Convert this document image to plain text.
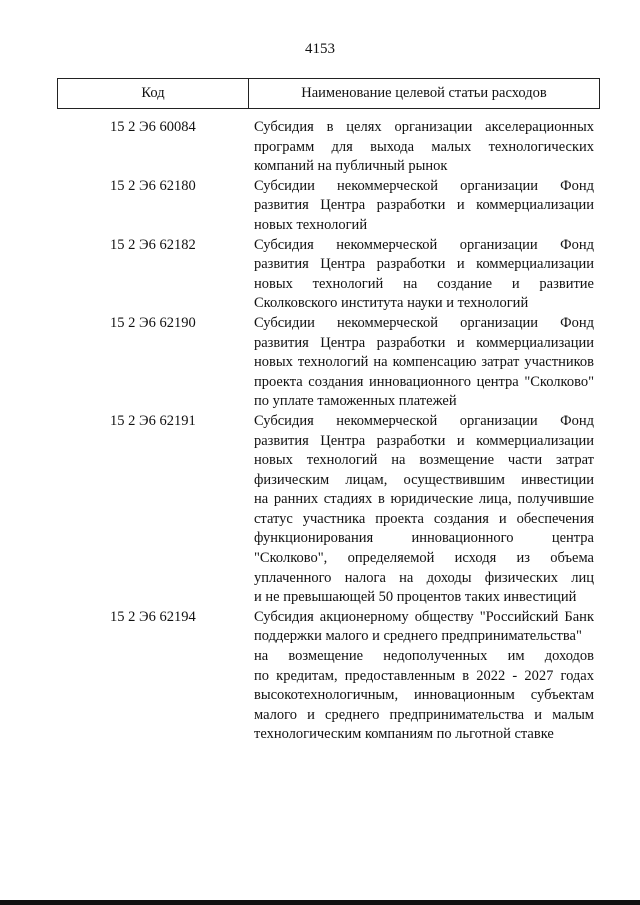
4153
Код	Наименование целевой статьи расходов
15 2 Э6 60084	Субсидия в целях организации акселерационных
программ для выхода малых технологических
компаний на публичный рынок
15 2 Э6 62180	Субсидии некоммерческой организации Фонд
развития Центра разработки и коммерциализации
новых технологий
15 2 Э6 62182	Субсидия некоммерческой организации Фонд
развития Центра разработки и коммерциализации
новых технологий на создание и развитие
Сколковского института науки и технологий
15 2 Э6 62190	Субсидии некоммерческой организации Фонд
развития Центра разработки и коммерциализации
новых технологий на компенсацию затрат участников
проекта создания инновационного центра "Сколково"
по уплате таможенных платежей
15 2 Э6 62191	Субсидия некоммерческой организации Фонд
развития Центра разработки и коммерциализации
новых технологий на возмещение части затрат
физическим лицам, осуществившим инвестиции
на ранних стадиях в юридические лица, получившие
статус участника проекта создания и обеспечения
функционирования инновационного центра
"Сколково", определяемой исходя из объема
уплаченного налога на доходы физических лиц
и не превышающей 50 процентов таких инвестиций
15 2 Э6 62194	Субсидия акционерному обществу "Российский Банк
поддержки малого и среднего предпринимательства"
на возмещение недополученных им доходов
по кредитам, предоставленным в 2022 - 2027 годах
высокотехнологичным, инновационным субъектам
малого и среднего предпринимательства и малым
технологическим компаниям по льготной ставке
